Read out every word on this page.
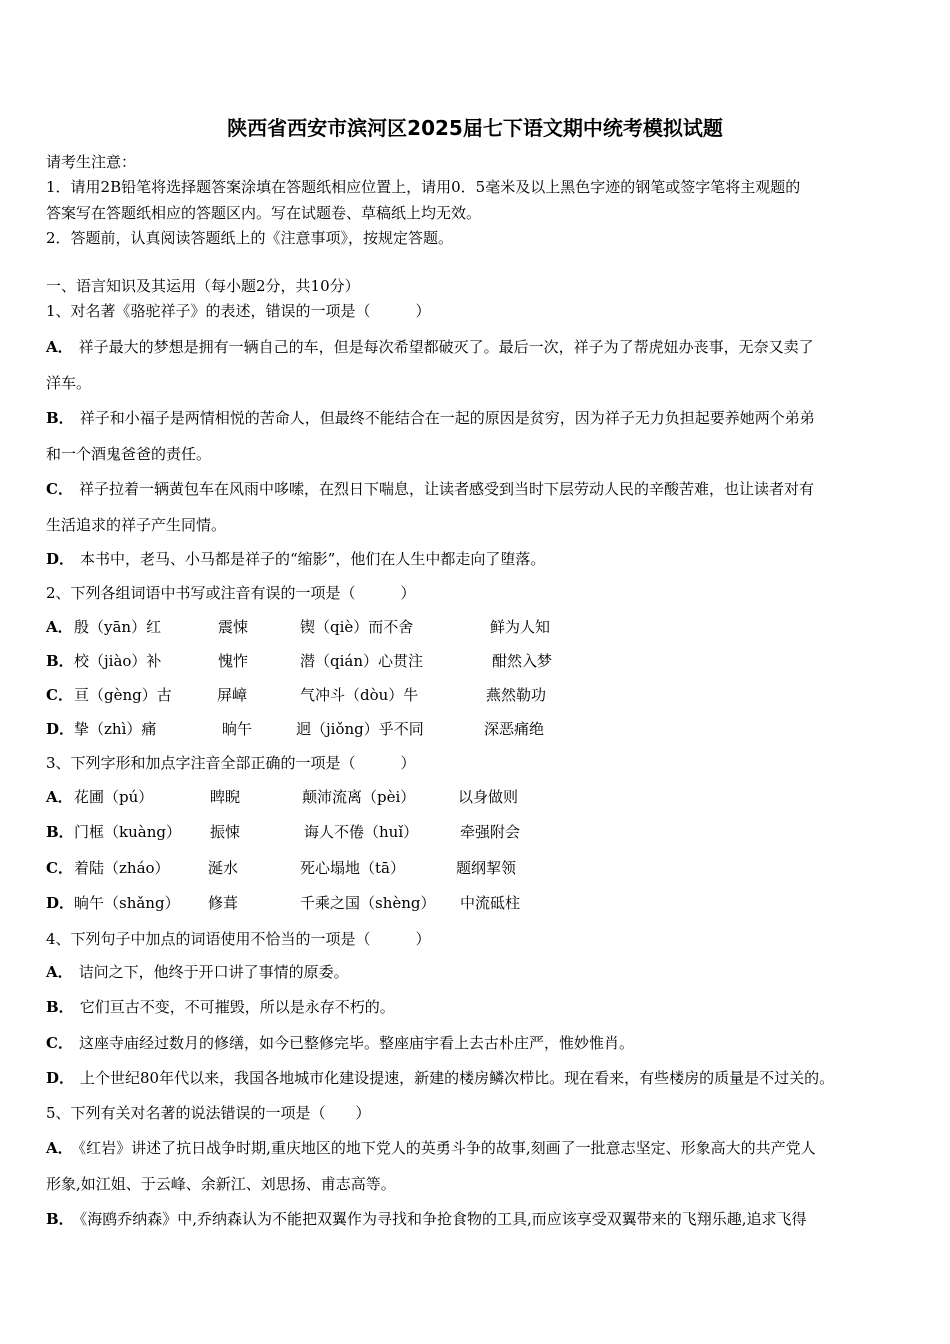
陕西省西安市滨河区2025届七下语文期中统考模拟试题
请考生注意：
1．请用2B铅笔将选择题答案涂填在答题纸相应位置上，请用0．5毫米及以上黑色字迹的钢笔或签字笔将主观题的
答案写在答题纸相应的答题区内。写在试题卷、草稿纸上均无效。
2．答题前，认真阅读答题纸上的《注意事项》，按规定答题。
一、语言知识及其运用（每小题2分，共10分）
1、对名著《骆驼祥子》的表述，错误的一项是（　　　）
A． 祥子最大的梦想是拥有一辆自己的车，但是每次希望都破灭了。最后一次，祥子为了帮虎妞办丧事，无奈又卖了
洋车。
B． 祥子和小福子是两情相悦的苦命人，但最终不能结合在一起的原因是贫穷，因为祥子无力负担起要养她两个弟弟
和一个酒鬼爸爸的责任。
C． 祥子拉着一辆黄包车在风雨中哆嗦，在烈日下喘息，让读者感受到当时下层劳动人民的辛酸苦难，也让读者对有
生活追求的祥子产生同情。
D． 本书中，老马、小马都是祥子的“缩影”，他们在人生中都走向了堕落。
2、下列各组词语中书写或注音有误的一项是（　　　）
A． 殷（yān）红	震悚	锲（qiè）而不舍	鲜为人知
B． 校（jiào）补	愧怍	潜（qián）心贯注	酣然入梦
C． 亘（gèng）古	屏嶂	气冲斗（dòu）牛	燕然勒功
D． 挚（zhì）痛	晌午	迥（jiǒng）乎不同	深恶痛绝
3、下列字形和加点字注音全部正确的一项是（　　　）
A． 花圃（pú）	睥睨	颠沛流离（pèi）	以身做则
B． 门框（kuàng） 振悚	诲人不倦（huǐ）	牵强附会
C． 着陆（zháo）	涎水	死心塌地（tā）	题纲挈领
D． 晌午（shǎng） 修葺	千乘之国（shèng） 中流砥柱
4、下列句子中加点的词语使用不恰当的一项是（　　　）
A． 诘问之下，他终于开口讲了事情的原委。
B． 它们亘古不变，不可摧毁，所以是永存不朽的。
C． 这座寺庙经过数月的修缮，如今已整修完毕。整座庙宇看上去古朴庄严，惟妙惟肖。
D． 上个世纪80年代以来，我国各地城市化建设提速，新建的楼房鳞次栉比。现在看来，有些楼房的质量是不过关的。
5、下列有关对名著的说法错误的一项是（　　）
A． 《红岩》讲述了抗日战争时期,重庆地区的地下党人的英勇斗争的故事,刻画了一批意志坚定、形象高大的共产党人
形象,如江姐、于云峰、余新江、刘思扬、甫志高等。
B． 《海鸥乔纳森》中,乔纳森认为不能把双翼作为寻找和争抢食物的工具,而应该享受双翼带来的飞翔乐趣,追求飞得
